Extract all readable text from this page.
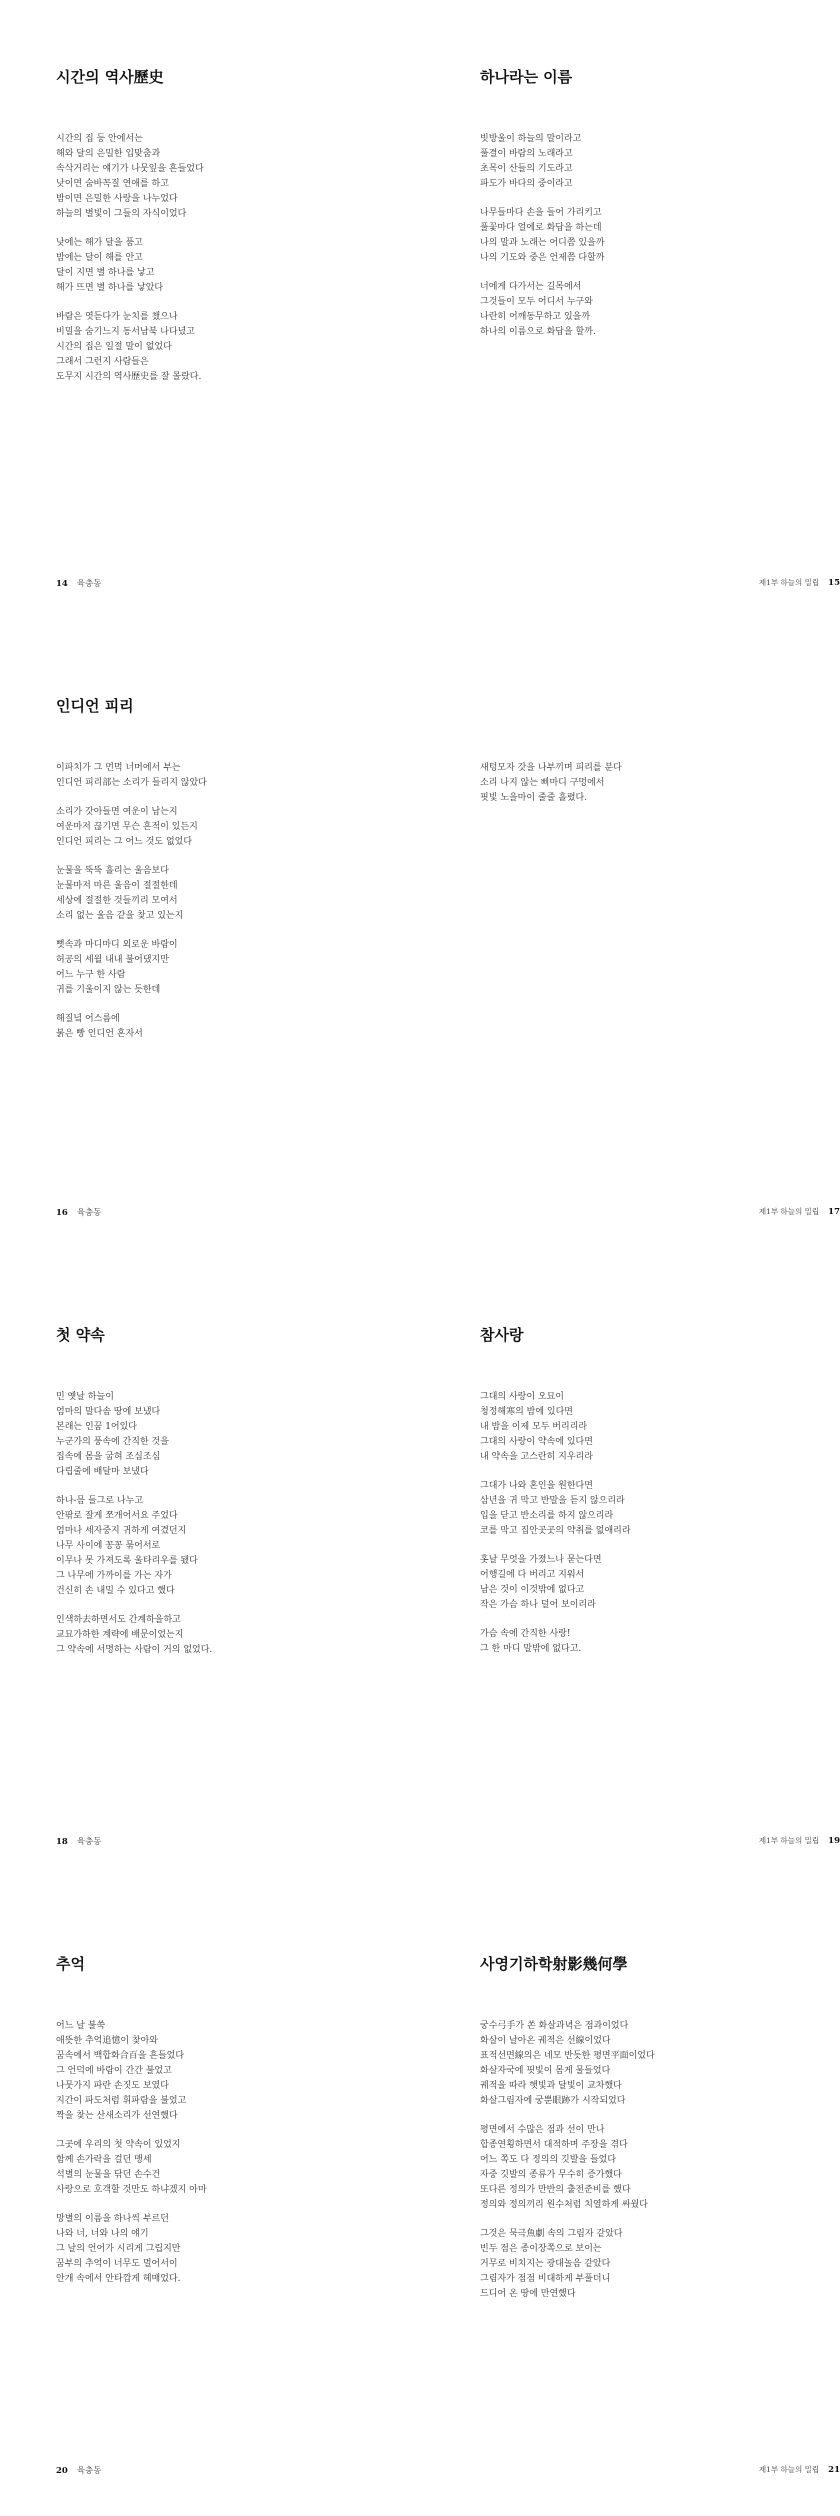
시간의 역사歷史
시간의 집 둥 안에서는
해와 달의 은밀한 입맞춤과
속삭거리는 얘기가 나뭇잎을 흔들었다
낮이면 숨바꼭질 연애를 하고
밤이면 은밀한 사랑을 나누었다
하늘의 별빛이 그들의 자식이었다
낮에는 해가 달을 품고
밤에는 달이 해를 안고
달이 지면 별 하나를 낳고
해가 뜨면 별 하나를 낳았다
바람은 엿듣다가 눈치를 챘으나
비밀을 숨기느지 동서남북 나다녔고
시간의 집은 일절 말이 없었다
그래서 그런지 사람들은
도무지 시간의 역사歷史를 잘 몰랐다.
14 육충동
하나라는 이름
빗방울이 하늘의 말이라고
풀결이 바람의 노래라고
초목이 산들의 기도라고
파도가 바다의 중이라고
나무들마다 손을 들어 가리키고
풀꽃마다 얼에로 화답을 하는데
나의 말과 노래는 어디쯤 있을까
나의 기도와 중은 언제쯤 다할까
너에게 다가서는 길목에서
그것들이 모두 어디서 누구와
나란히 어깨동무하고 있을까
하나의 이름으로 화답을 할까.
제1부 하늘의 밀립 15
인디언 피리
이파치가 그 먼먹 너머에서 부는
인디언 피리部는 소리가 들리지 않았다
소리가 갓아들면 여운이 남는지
여운마저 끊기면 무슨 흔적이 있든지
인디언 피리는 그 어느 것도 없었다
눈물을 뚝뚝 흘리는 울음보다
눈물마저 마른 울음이 절절한데
세상에 절절한 것들끼리 모여서
소리 없는 울음 같을 찾고 있는지
뻣속과 마디마디 외로운 바람이
허공의 세월 내내 불어댔지만
어느 누구 한 사람
귀를 기울이지 않는 듯한데
해질녘 어스름에
붉은 빵 인디언 혼자서
16 육충동
새텅모자 갓을 나부끼며 피리를 분다
소리 나지 않는 삐마디 구멍에서
핏빛 노을마이 줄줄 흘렸다.
제1부 하늘의 밀립 17
첫 약속
민 옛날 하늘이
엄마의 말다솜 땅에 보냈다
본래는 인꿈 1어있다
누군가의 풍속에 간직한 것을
집속에 몸을 굽혀 조심조심
다립줄에 배달마 보냈다
하나-믐 들그로 나누고
안팎로 잘게 쪼개어서요 주었다
엄마나 세자중지 귀하게 여겼던지
나무 사이에 꽁꽁 묶어서로
이무나 못 가져도록 울타리우를 됐다
그 나무에 가까이를 가는 자가
건신히 손 내밀 수 있다고 했다
인색하去하면서도 간계하을하고
교묘가하한 계략에 배문이었는지
그 약속에 서명하는 사람이 거의 없었다.
18 육충동
참사랑
그대의 사랑이 오묘이
청정해寒의 밤에 있다면
내 밤을 이제 모두 버리리라
그대의 사랑이 약속에 있다면
내 약속을 고스란히 지우리라
그대가 나와 혼인을 원한다면
삼년을 귀 막고 반말을 듣지 않으리라
입을 닫고 반소리를 하지 않으리라
코를 막고 집안곳곳의 약취를 없애리라
홋날 무엇을 가졌느나 묻는다면
어행길에 다 버리고 지워서
남은 것이 이것밖에 없다고
작은 가슴 하나 덜어 보이리라
가슴 속에 간직한 사랑!
그 한 마디 말밖에 없다고.
제1부 하늘의 밀립 19
추억
어느 날 불쑥
애뜻한 추억追憶이 찾아와
꿈속에서 백합화合百을 흔들었다
그 언덕에 바람이 간간 불었고
나뭇가지 파란 손짓도 보였다
지간이 파도처럼 휘파람을 불었고
짝을 찾는 산새소리가 선연했다
그곳에 우리의 첫 약속이 있었지
함께 손가락을 걸던 맹세
석별의 눈물을 닦던 손수건
사랑으로 호객할 것만도 하냐겠지 아마
망별의 이름을 하나씩 부르던
나와 너, 너와 나의 얘기
그 날의 언어가 시리게 그립지만
꿈부의 추억이 너무도 멀어서이
안개 속에서 안타깝게 헤매었다.
20 육충동
사영기하학射影幾何學
궁수弓手가 쏜 화살과녁은 점과이었다
화살이 날아온 궤적은 선線이었다
표적선면線의은 네모 반듯한 평면平面이었다
화살자국에 핏빛이 몸게 물들었다
궤적을 따라 햇빛과 달빛이 교차했다
화살그림자에 궁뿐眼跡가 시작되었다
평면에서 수많은 점과 선이 만나
합종연횡하면서 대적하며 주장을 겪다
어느 쪽도 다 정의의 깃발을 들었다
자중 깃발의 종류가 무수히 증가했다
또다른 정의가 만반의 출전준비를 했다
정의와 정의끼리 원수처럼 치열하게 싸웠다
그것은 묵극魚劇 속의 그림자 같았다
빈두 점은 종이장쪽으로 보이는
거무로 비치지는 광대놀음 같았다
그림자가 점점 비대하게 부풀더니
드디어 온 땅에 만연했다
제1부 하늘의 밀립 21
